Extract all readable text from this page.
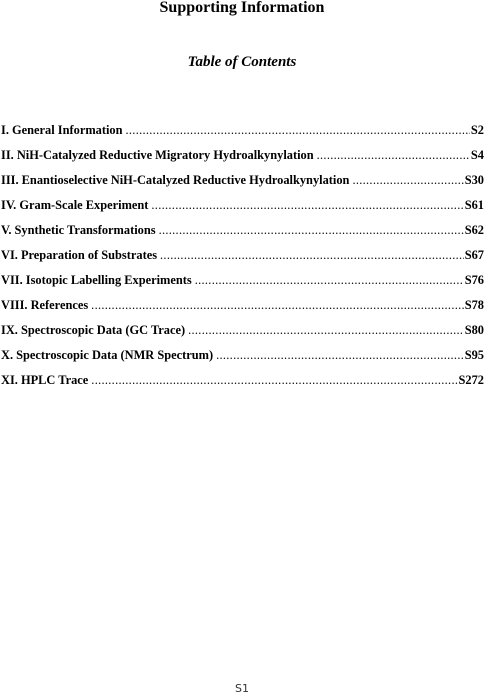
Supporting Information
Table of Contents
I. General Information .....	S2
II. NiH-Catalyzed Reductive Migratory Hydroalkynylation .....	S4
III. Enantioselective NiH-Catalyzed Reductive Hydroalkynylation .....	S30
IV. Gram-Scale Experiment .....	S61
V. Synthetic Transformations .....	S62
VI. Preparation of Substrates .....	S67
VII. Isotopic Labelling Experiments .....	S76
VIII. References .....	S78
IX. Spectroscopic Data (GC Trace) .....	S80
X. Spectroscopic Data (NMR Spectrum) .....	S95
XI. HPLC Trace .....	S272
S1
